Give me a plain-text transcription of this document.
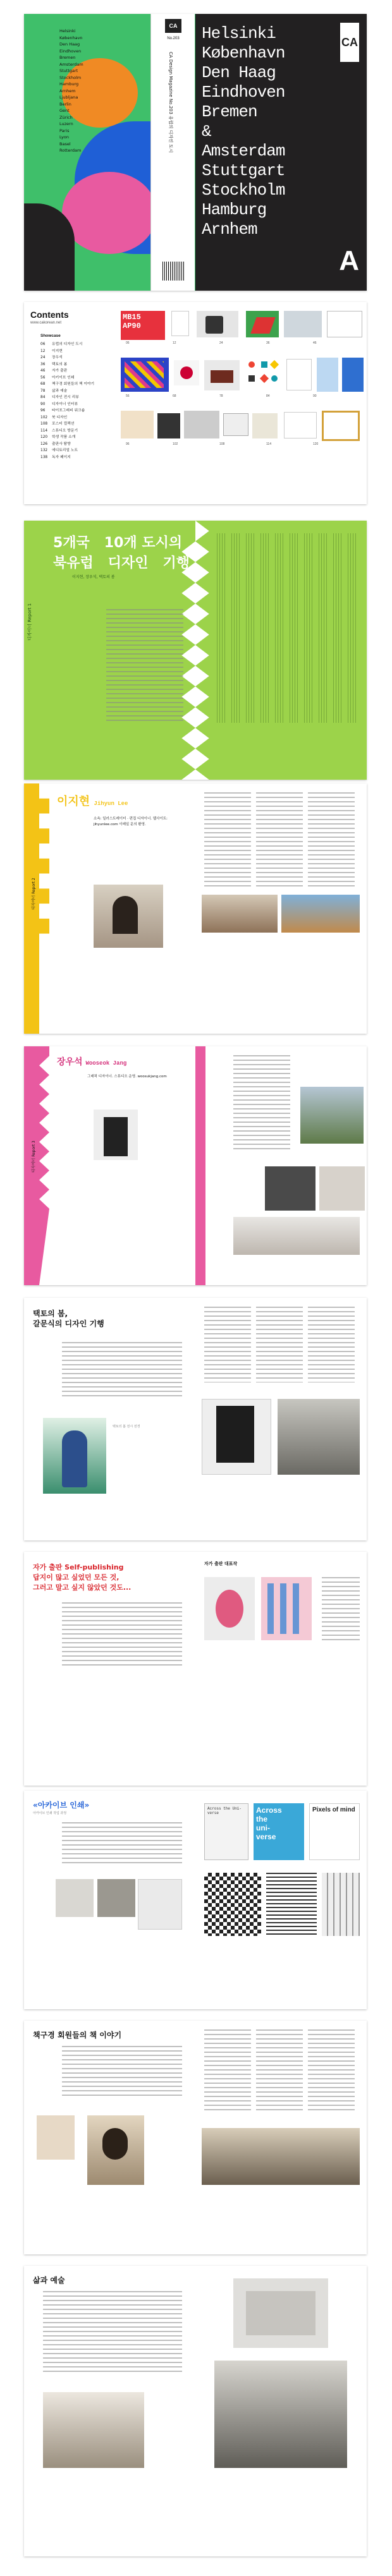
Helsinki
København
Den Haag
Eindhoven
Bremen
Amsterdam
Stuttgart
Stockholm
Hamburg
Arnhem
Ljubljana
Berlin
Gent
Zürich
Luzern
Paris
Lyon
Basel
Rotterdam
CA
No.203
CA Design Magazine No.203 유럽의 디자인 도시
Helsinki
København
Den Haag
Eindhoven
Bremen
&
Amsterdam
Stuttgart
Stockholm
Hamburg
Arnhem
A
CA
Contents
www.cakorean.net
Showcase
06 유럽의 디자인 도시
12 이지현
24 장우석
36 택토의 봄
46 자가 출판
56 아키이브 인쇄
68 책구경 회원들의 책 이야기
78 삶과 예술
84 디자인 전시 리뷰
90 디자이너 인터뷰
96 타이포그래피 워크숍
102 북 디자인
108 포스터 컬렉션
114 스튜디오 방문기
120 학생 작품 소개
126 출판사 탐방
132 에디토리얼 노트
138 독자 페이지
MB15
AP90
06	12	24	36	46
56	68	78	84	90
96	102	108	114	120
5개국   10개 도시의
북유럽   디자인   기행
이지현, 장우석, 택토의 봄
디자이너 Report 1
이지현 Jihyun Lee
소속: 일러스트레이터 · 편집 디자이너. 웹사이트: jihyunlee.com 이메일 문의 환영.
디자이너 Report 2
장우석 Wooseok Jang
그래픽 디자이너. 스튜디오 운영. woosukjang.com
디자이너 Report 3
택토의 봄,
갈문식의 디자인 기행
택토의 봄 전시 전경
자가 출판 Self-publishing
답지이 많고 싶었던 모든 것,
그러고 말고 싶지 않았던 것도...
자가 출판 대표작
«아카이브 인쇄»
아카이브 인쇄 작업 과정
Across the Uni-verse	Across
the
uni-
verse
Pixels of mind
책구경 회원들의 책 이야기
삶과 예술
